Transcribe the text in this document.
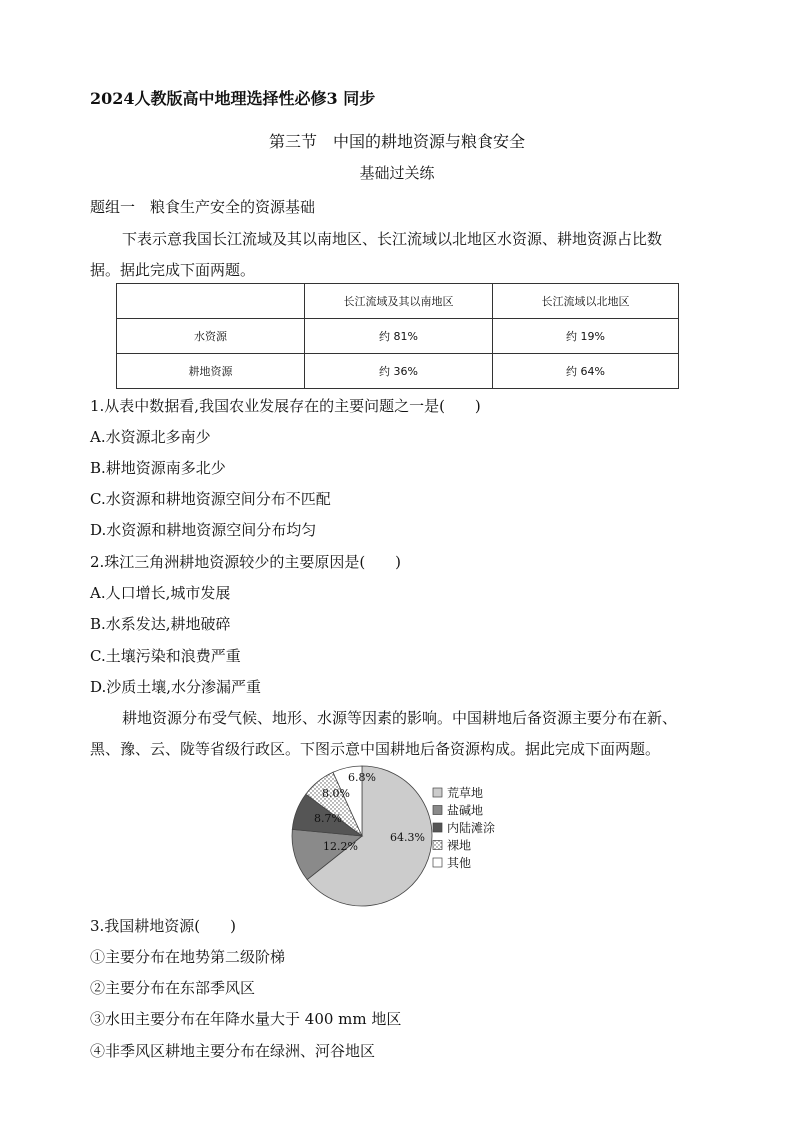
2024人教版高中地理选择性必修3 同步
第三节　中国的耕地资源与粮食安全
基础过关练
题组一　粮食生产安全的资源基础
下表示意我国长江流域及其以南地区、长江流域以北地区水资源、耕地资源占比数
据。据此完成下面两题。
	长江流域及其以南地区	长江流域以北地区
水资源	约 81%	约 19%
耕地资源	约 36%	约 64%
1.从表中数据看,我国农业发展存在的主要问题之一是(　　)
A.水资源北多南少
B.耕地资源南多北少
C.水资源和耕地资源空间分布不匹配
D.水资源和耕地资源空间分布均匀
2.珠江三角洲耕地资源较少的主要原因是(　　)
A.人口增长,城市发展
B.水系发达,耕地破碎
C.土壤污染和浪费严重
D.沙质土壤,水分渗漏严重
耕地资源分布受气候、地形、水源等因素的影响。中国耕地后备资源主要分布在新、
黑、豫、云、陇等省级行政区。下图示意中国耕地后备资源构成。据此完成下面两题。
64.3%
12.2%
8.7%
8.0%
6.8%
荒草地
盐碱地
内陆滩涂
裸地
其他
3.我国耕地资源(　　)
①主要分布在地势第二级阶梯
②主要分布在东部季风区
③水田主要分布在年降水量大于 400 mm 地区
④非季风区耕地主要分布在绿洲、河谷地区
